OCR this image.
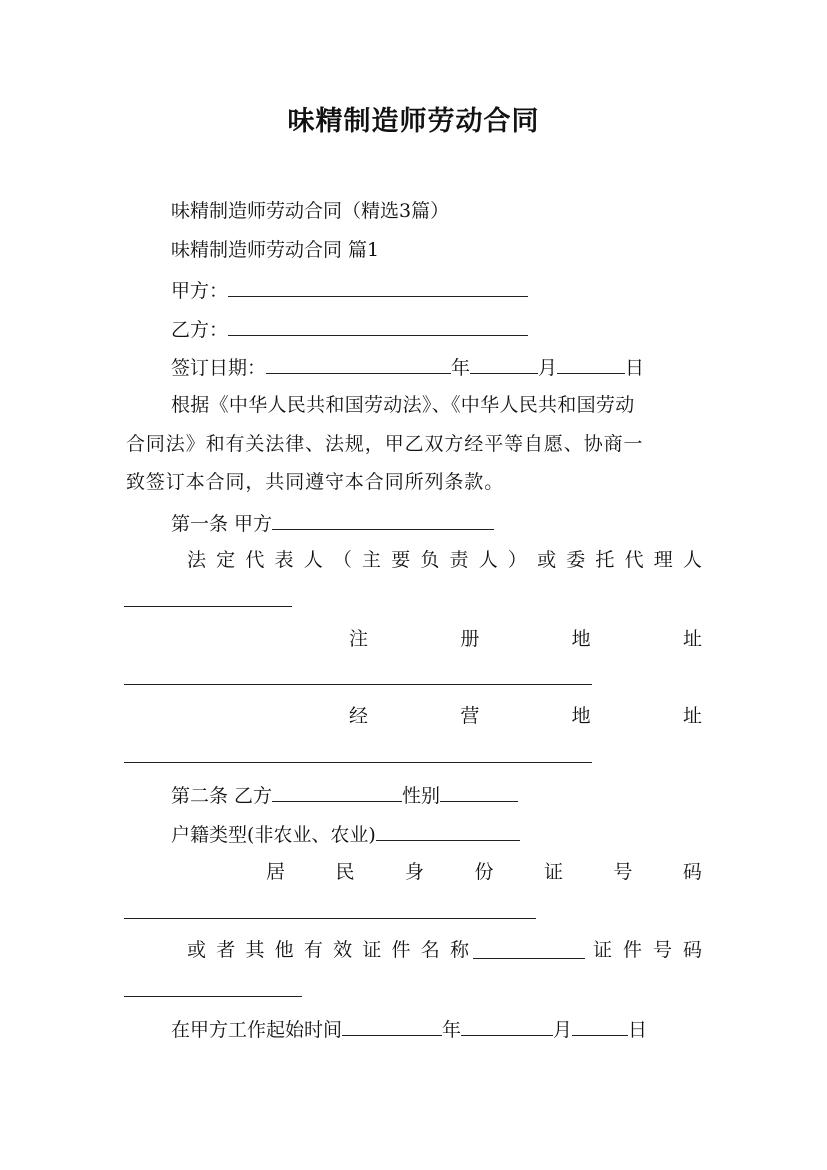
味精制造师劳动合同
味精制造师劳动合同（精选3篇）
味精制造师劳动合同 篇1
甲方：
乙方：
签订日期：	年	月	日
根据《中华人民共和国劳动法》、《中华人民共和国劳动
合同法》和有关法律、法规，甲乙双方经平等自愿、协商一
致签订本合同，共同遵守本合同所列条款。
第一条 甲方
法 定 代 表 人 （ 主 要 负 责 人 ） 或 委 托 代 理 人
注	册	地	址
经	营	地	址
第二条 乙方	性别
户籍类型(非农业、农业)
居	民	身	份	证	号	码
或 者 其 他 有 效 证 件 名 称	证 件 号 码
在甲方工作起始时间	年	月	日
